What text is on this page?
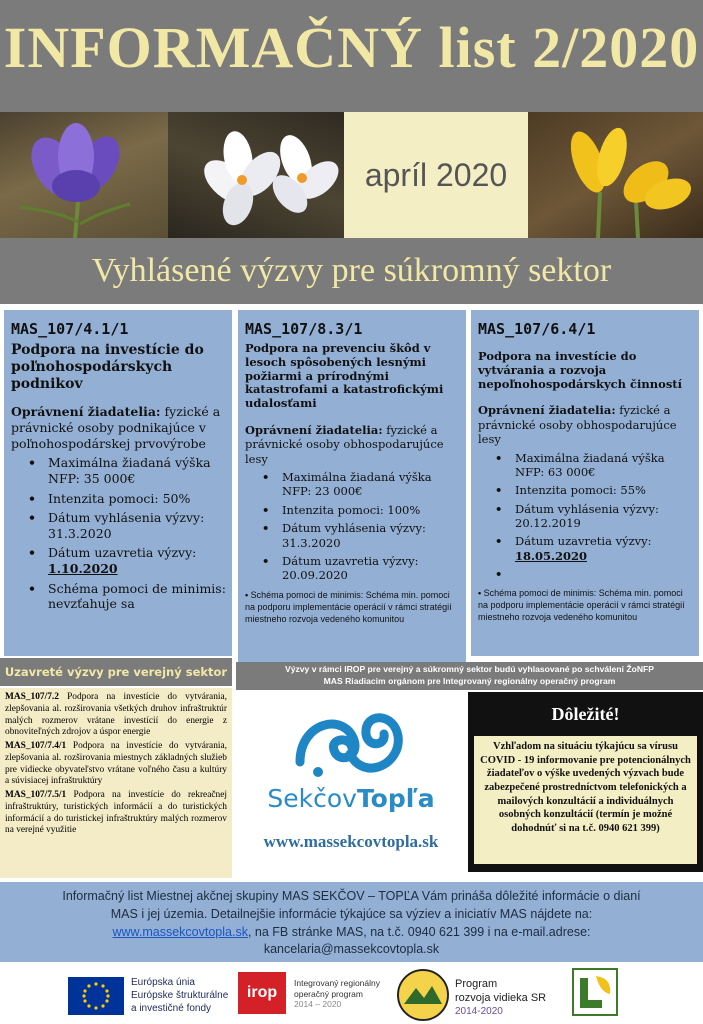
INFORMAČNÝ list 2/2020
apríl 2020
Vyhlásené výzvy pre súkromný sektor
MAS_107/4.1/1
Podpora na investície do poľnohospodárskych podnikov
Oprávnení žiadatelia: fyzické a právnické osoby podnikajúce v poľnohospodárskej prvovýrobe
• Maximálna žiadaná výška NFP: 35 000€
• Intenzita pomoci: 50%
• Dátum vyhlásenia výzvy: 31.3.2020
• Dátum uzavretia výzvy:
1.10.2020
• Schéma pomoci de minimis: nevzťahuje sa
MAS_107/8.3/1
Podpora na prevenciu škôd v lesoch spôsobených lesnými požiarmi a prírodnými katastrofami a katastrofickými udalosťami
Oprávnení žiadatelia: fyzické a právnické osoby obhospodarujúce lesy
• Maximálna žiadaná výška NFP: 23 000€
• Intenzita pomoci: 100%
• Dátum vyhlásenia výzvy: 31.3.2020
• Dátum uzavretia výzvy: 20.09.2020
• Schéma pomoci de minimis: Schéma min. pomoci na podporu implementácie operácií v rámci stratégií miestneho rozvoja vedeného komunitou
MAS_107/6.4/1
Podpora na investície do vytvárania a rozvoja nepoľnohospodárskych činností
Oprávnení žiadatelia: fyzické a právnické osoby obhospodarujúce lesy
• Maximálna žiadaná výška NFP: 63 000€
• Intenzita pomoci: 55%
• Dátum vyhlásenia výzvy: 20.12.2019
• Dátum uzavretia výzvy:
18.05.2020
•
• Schéma pomoci de minimis: Schéma min. pomoci na podporu implementácie operácií v rámci stratégií miestneho rozvoja vedeného komunitou
Uzavreté výzvy pre verejný sektor

MAS_107/7.2 Podpora na investície do vytvárania, zlepšovania al. rozširovania všetkých druhov infraštruktúr malých rozmerov vrátane investícií do energie z obnoviteľných zdrojov a úspor energie

MAS_107/7.4/1 Podpora na investície do vytvárania, zlepšovania al. rozširovania miestnych základných služieb pre vidiecke obyvateľstvo vrátane voľného času a kultúry a súvisiacej infraštruktúry

MAS_107/7.5/1 Podpora na investície do rekreačnej infraštruktúry, turistických informácií a do turistických informácií a do turistickej infraštruktúry malých rozmerov na verejné využitie

Výzvy v rámci IROP pre verejný a súkromný sektor budú vyhlasované po schválení ŽoNFP
MAS Riadiacim orgánom pre Integrovaný regionálny operačný program
SekčovTopľa
www.massekcovtopla.sk
Dôležité!
Vzhľadom na situáciu týkajúcu sa vírusu COVID - 19 informovanie pre potencionálnych žiadateľov o výške uvedených výzvach bude zabezpečené prostredníctvom telefonických a mailových konzultácií a individuálnych osobných konzultácií (termín je možné dohodnúť si na t.č. 0940 621 399)
Informačný list Miestnej akčnej skupiny MAS SEKČOV – TOPĽA Vám prináša dôležité informácie o dianí
MAS i jej územia. Detailnejšie informácie týkajúce sa výziev a iniciatív MAS nájdete na:
www.massekcovtopla.sk, na FB stránke MAS, na t.č. 0940 621 399 i na e-mail.adrese:
kancelaria@massekcovtopla.sk
Európska únia
Európske štrukturálne
a investičné fondy
irop
Integrovaný regionálny
operačný program
2014 – 2020
Program
rozvoja vidieka SR
2014-2020
